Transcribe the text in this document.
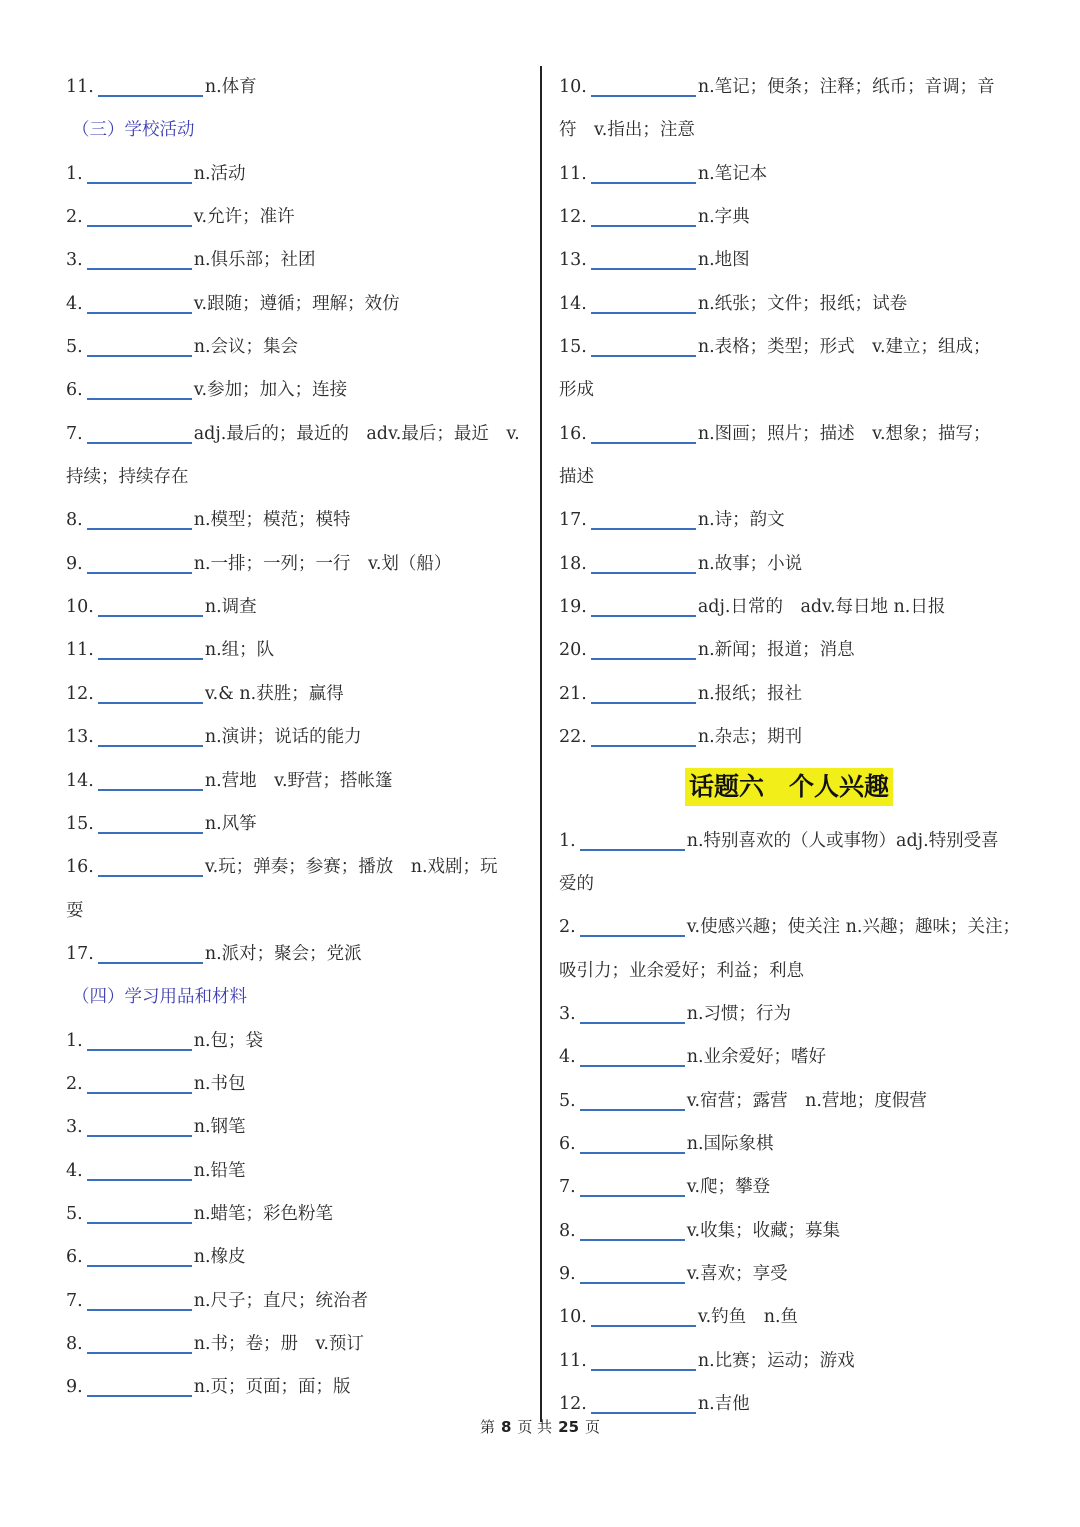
11.	n.体育
（三）学校活动
1.	n.活动
2.	v.允许；准许
3.	n.俱乐部；社团
4.	v.跟随；遵循；理解；效仿
5.	n.会议；集会
6.	v.参加；加入；连接
7.	adj.最后的；最近的　adv.最后；最近　v.
持续；持续存在
8.	n.模型；模范；模特
9.	n.一排；一列；一行　v.划（船）
10.	n.调查
11.	n.组；队
12.	v.& n.获胜；赢得
13.	n.演讲；说话的能力
14.	n.营地　v.野营；搭帐篷
15.	n.风筝
16.	v.玩；弹奏；参赛；播放　n.戏剧；玩
耍
17.	n.派对；聚会；党派
（四）学习用品和材料
1.	n.包；袋
2.	n.书包
3.	n.钢笔
4.	n.铅笔
5.	n.蜡笔；彩色粉笔
6.	n.橡皮
7.	n.尺子；直尺；统治者
8.	n.书；卷；册　v.预订
9.	n.页；页面；面；版
10.	n.笔记；便条；注释；纸币；音调；音
符　v.指出；注意
11.	n.笔记本
12.	n.字典
13.	n.地图
14.	n.纸张；文件；报纸；试卷
15.	n.表格；类型；形式　v.建立；组成；
形成
16.	n.图画；照片；描述　v.想象；描写；
描述
17.	n.诗；韵文
18.	n.故事；小说
19.	adj.日常的　adv.每日地 n.日报
20.	n.新闻；报道；消息
21.	n.报纸；报社
22.	n.杂志；期刊
话题六　个人兴趣
1.	n.特别喜欢的（人或事物）adj.特别受喜
爱的
2.	v.使感兴趣；使关注 n.兴趣；趣味；关注；
吸引力；业余爱好；利益；利息
3.	n.习惯；行为
4.	n.业余爱好；嗜好
5.	v.宿营；露营　n.营地；度假营
6.	n.国际象棋
7.	v.爬；攀登
8.	v.收集；收藏；募集
9.	v.喜欢；享受
10.	v.钓鱼　n.鱼
11.	n.比赛；运动；游戏
12.	n.吉他
第 8 页 共 25 页
